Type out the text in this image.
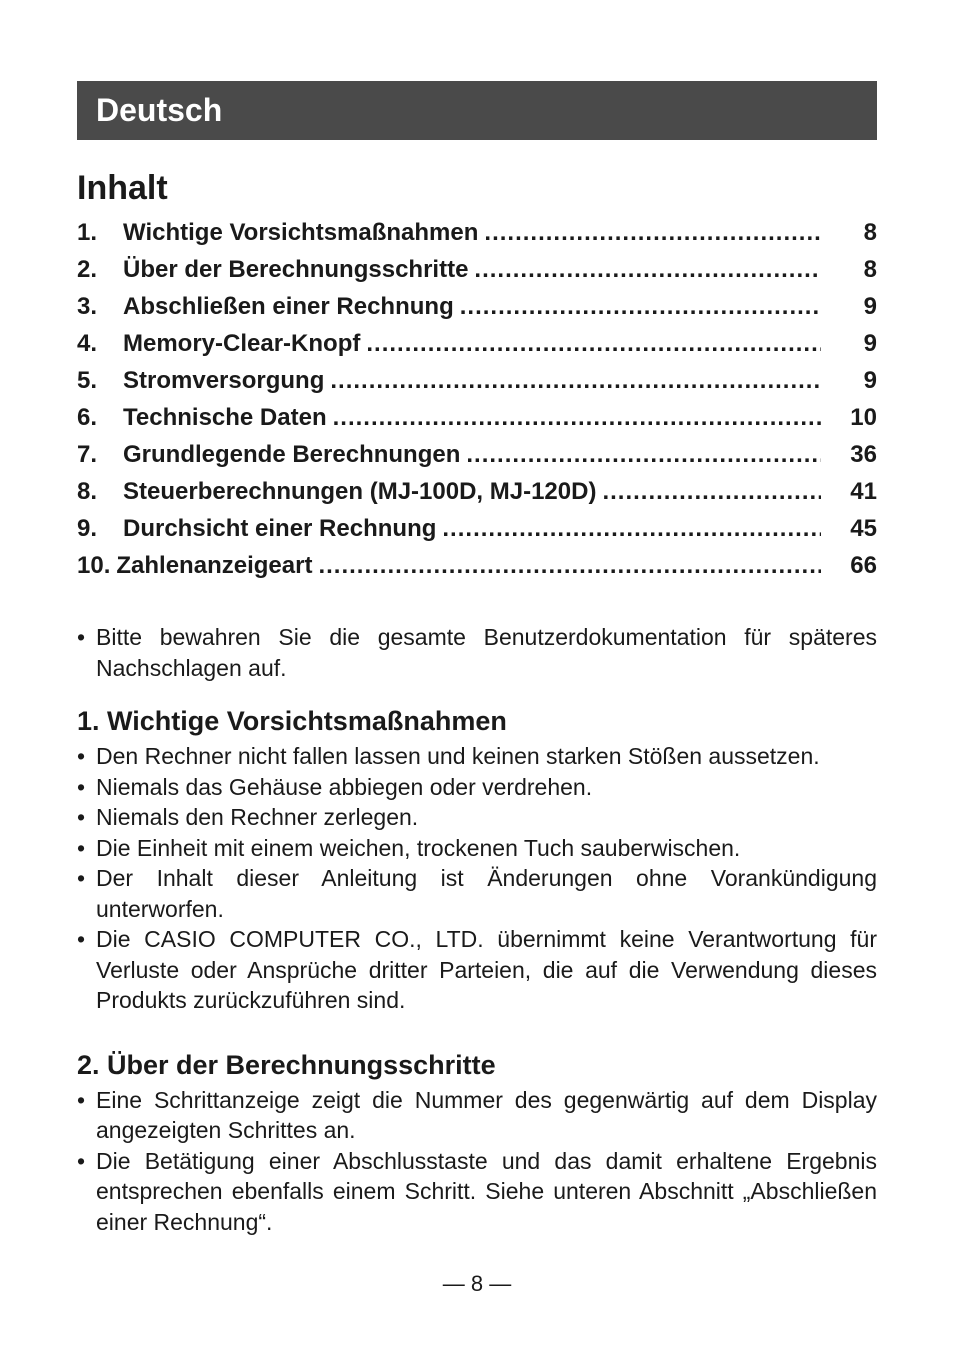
Deutsch
Inhalt
1.	Wichtige Vorsichtsmaßnahmen .....	8
2.	Über der Berechnungsschritte .....	8
3.	Abschließen einer Rechnung .....	9
4.	Memory-Clear-Knopf .....	9
5.	Stromversorgung .....	9
6.	Technische Daten .....	10
7.	Grundlegende Berechnungen .....	36
8.	Steuerberechnungen (MJ-100D, MJ-120D) .....	41
9.	Durchsicht einer Rechnung .....	45
10. Zahlenanzeigeart .....	66
• Bitte bewahren Sie die gesamte Benutzerdokumentation für späteres Nachschlagen auf.
1. Wichtige Vorsichtsmaßnahmen
• Den Rechner nicht fallen lassen und keinen starken Stößen aussetzen.
• Niemals das Gehäuse abbiegen oder verdrehen.
• Niemals den Rechner zerlegen.
• Die Einheit mit einem weichen, trockenen Tuch sauberwischen.
• Der Inhalt dieser Anleitung ist Änderungen ohne Vorankündigung unterworfen.
• Die CASIO COMPUTER CO., LTD. übernimmt keine Verantwortung für Verluste oder Ansprüche dritter Parteien, die auf die Verwendung dieses Produkts zurückzuführen sind.
2. Über der Berechnungsschritte
• Eine Schrittanzeige zeigt die Nummer des gegenwärtig auf dem Display angezeigten Schrittes an.
• Die Betätigung einer Abschlusstaste und das damit erhaltene Ergebnis entsprechen ebenfalls einem Schritt. Siehe unteren Abschnitt „Abschließen einer Rechnung“.
— 8 —
